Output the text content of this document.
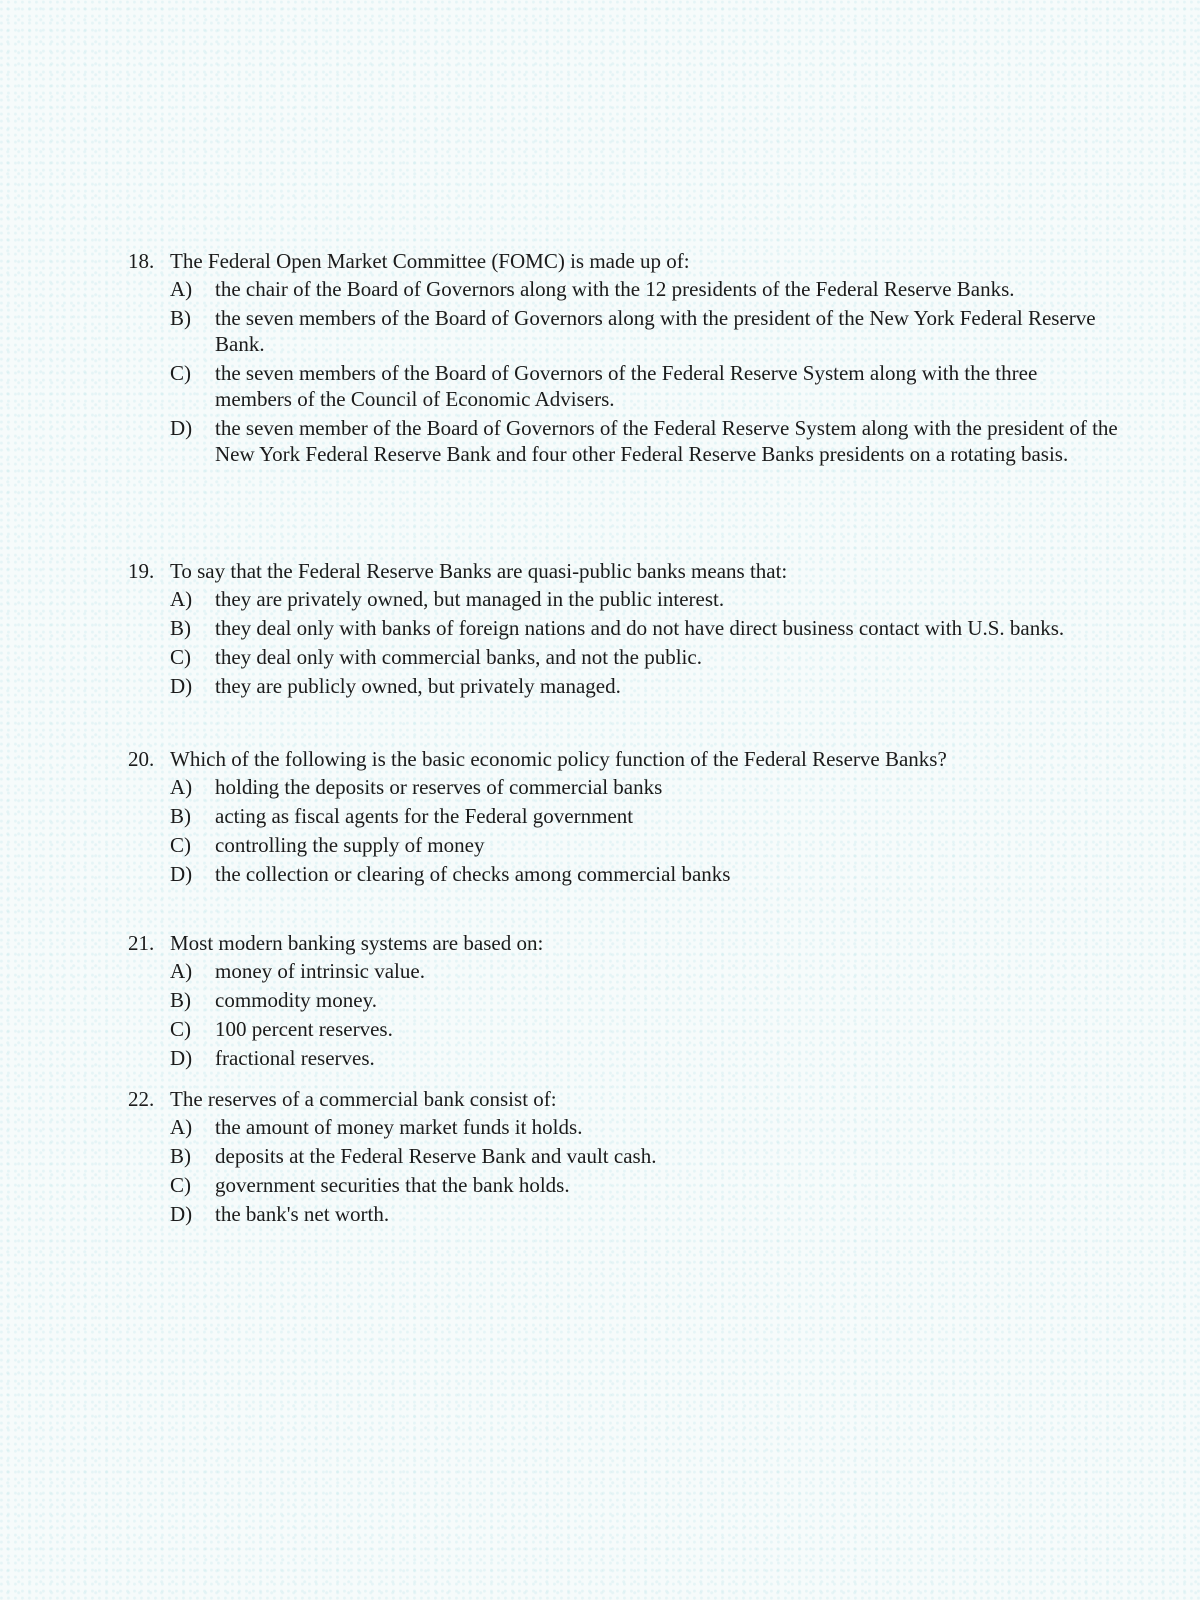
18. The Federal Open Market Committee (FOMC) is made up of:
A)	the chair of the Board of Governors along with the 12 presidents of the Federal Reserve Banks.
B)	the seven members of the Board of Governors along with the president of the New York Federal Reserve Bank.
C)	the seven members of the Board of Governors of the Federal Reserve System along with the three members of the Council of Economic Advisers.
D)	the seven member of the Board of Governors of the Federal Reserve System along with the president of the New York Federal Reserve Bank and four other Federal Reserve Banks presidents on a rotating basis.
19. To say that the Federal Reserve Banks are quasi-public banks means that:
A)	they are privately owned, but managed in the public interest.
B)	they deal only with banks of foreign nations and do not have direct business contact with U.S. banks.
C)	they deal only with commercial banks, and not the public.
D)	they are publicly owned, but privately managed.
20. Which of the following is the basic economic policy function of the Federal Reserve Banks?
A)	holding the deposits or reserves of commercial banks
B)	acting as fiscal agents for the Federal government
C)	controlling the supply of money
D)	the collection or clearing of checks among commercial banks
21. Most modern banking systems are based on:
A)	money of intrinsic value.
B)	commodity money.
C)	100 percent reserves.
D)	fractional reserves.
22. The reserves of a commercial bank consist of:
A)	the amount of money market funds it holds.
B)	deposits at the Federal Reserve Bank and vault cash.
C)	government securities that the bank holds.
D)	the bank's net worth.
